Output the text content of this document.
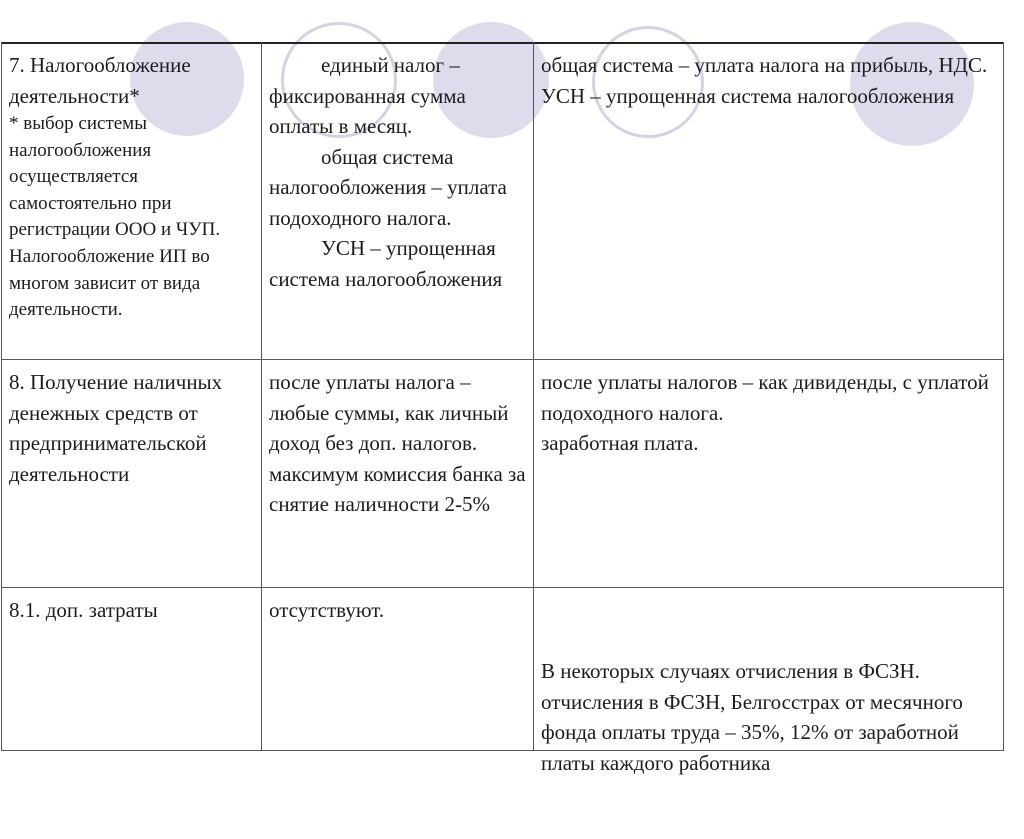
7. Налогообложение деятельности*

* выбор системы налогообложения осуществляется самостоятельно при регистрации ООО и ЧУП. Налогообложение ИП во многом зависит от вида деятельности.

единый налог – фиксированная сумма оплаты в месяц.
общая система налогообложения – уплата подоходного налога.
УСН – упрощенная система налогообложения

общая система – уплата налога на прибыль, НДС.

УСН – упрощенная система налогообложения

8. Получение наличных денежных средств от предпринимательской деятельности

после уплаты налога – любые суммы, как личный доход без доп. налогов.

максимум комиссия банка за снятие наличности 2-5%

после уплаты налогов – как дивиденды, с уплатой подоходного налога.

заработная плата.

8.1. доп. затраты	отсутствуют.

В некоторых случаях отчисления в ФСЗН.    отчисления в ФСЗН, Белгосстрах от месячного фонда оплаты труда – 35%, 12% от заработной платы каждого работника
